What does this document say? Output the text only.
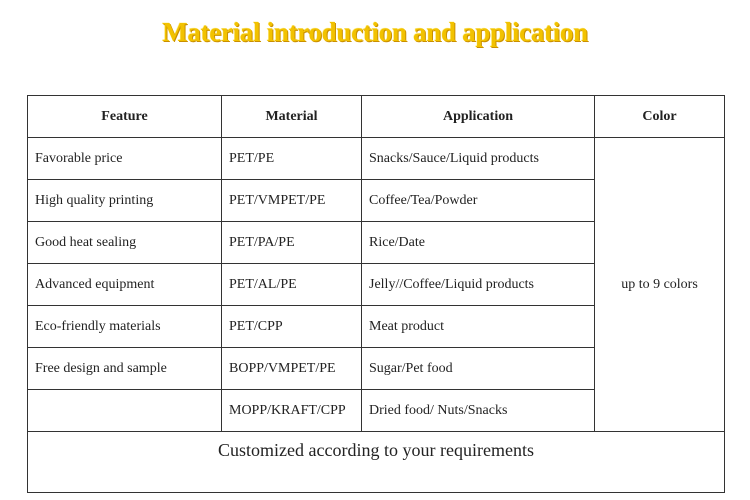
Material introduction and application
Feature	Material	Application	Color
Favorable price	PET/PE	Snacks/Sauce/Liquid products	up to 9 colors
High quality printing	PET/VMPET/PE	Coffee/Tea/Powder	
Good heat sealing	PET/PA/PE	Rice/Date	
Advanced equipment	PET/AL/PE	Jelly//Coffee/Liquid products	
Eco-friendly materials	PET/CPP	Meat product	
Free design and sample	BOPP/VMPET/PE	Sugar/Pet food	
	MOPP/KRAFT/CPP	Dried food/ Nuts/Snacks	
Customized according to your requirements			
